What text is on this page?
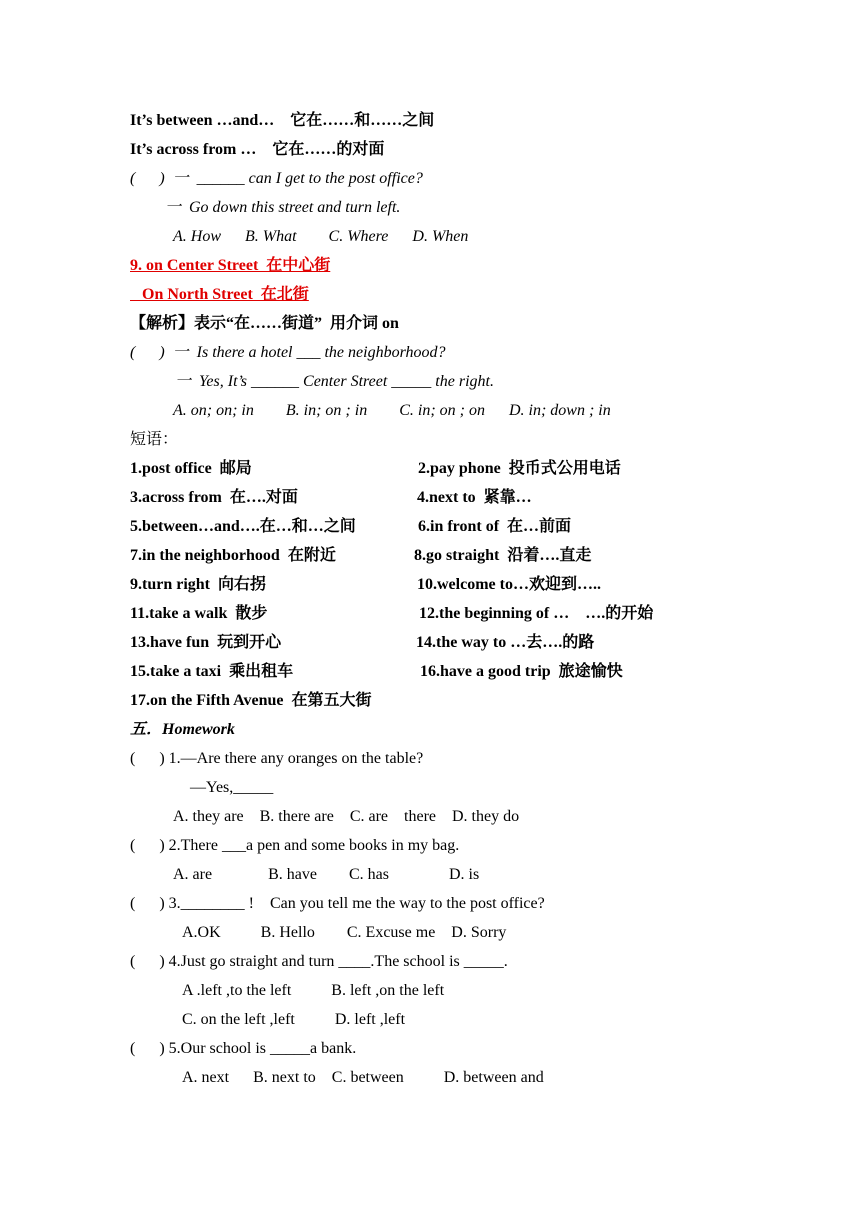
It’s between …and…    它在……和……之间
It’s across from …    它在……的对面
(      )  一  ______ can I get to the post office?
一  Go down this street and turn left.
A. How      B. What        C. Where      D. When
9. on Center Street  在中心街
On North Street  在北街
【解析】表示“在……街道”  用介词 on
(      )  一  Is there a hotel ___ the neighborhood?
一  Yes, It’s ______ Center Street _____ the right.
A. on; on; in        B. in; on ; in        C. in; on ; on      D. in; down ; in
短语：
1.post office  邮局	2.pay phone  投币式公用电话
3.across from  在….对面	4.next to  紧靠…
5.between…and….在…和…之间	6.in front of  在…前面
7.in the neighborhood  在附近	8.go straight  沿着….直走
9.turn right  向右拐	10.welcome to…欢迎到…..
11.take a walk  散步	12.the beginning of …    ….的开始
13.have fun  玩到开心	14.the way to …去….的路
15.take a taxi  乘出租车	16.have a good trip  旅途愉快
17.on the Fifth Avenue  在第五大街
五．Homework
(      ) 1.—Are there any oranges on the table?
—Yes,_____
A. they are    B. there are    C. are    there    D. they do
(      ) 2.There ___a pen and some books in my bag.
A. are              B. have        C. has               D. is
(      ) 3.________ !    Can you tell me the way to the post office?
A.OK          B. Hello        C. Excuse me    D. Sorry
(      ) 4.Just go straight and turn ____.The school is _____.
A .left ,to the left          B. left ,on the left
C. on the left ,left          D. left ,left
(      ) 5.Our school is _____a bank.
A. next      B. next to    C. between          D. between and
